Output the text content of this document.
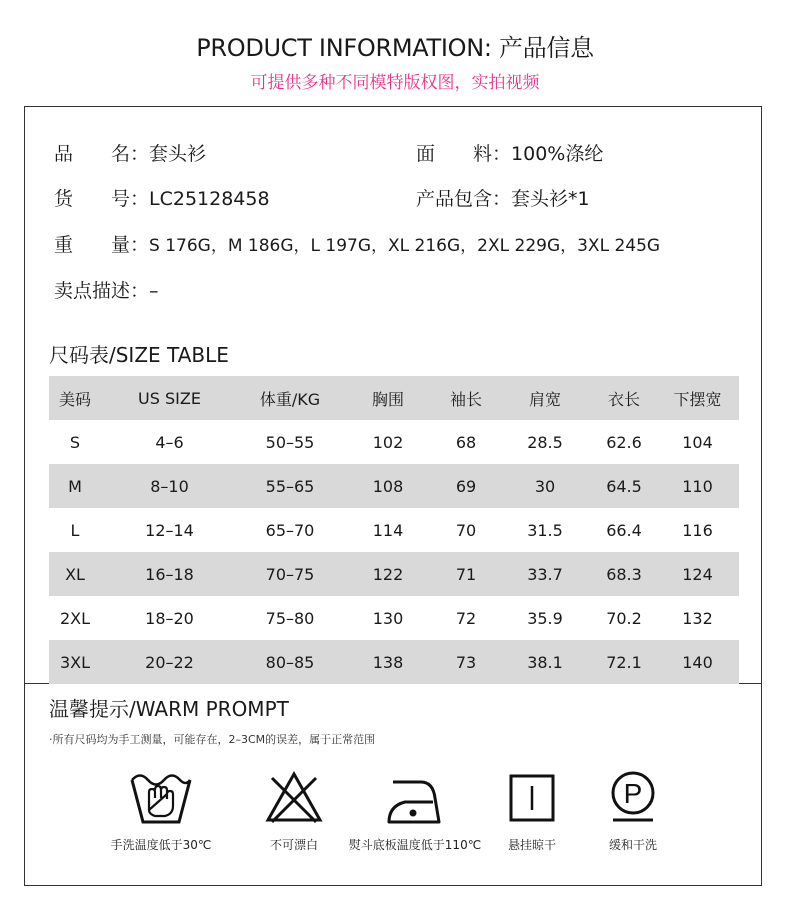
PRODUCT INFORMATION: 产品信息
可提供多种不同模特版权图，实拍视频
品　　名：套头衫	面　　料：100%涤纶
货　　号：LC25128458	产品包含：套头衫*1
重　　量：S 176G，M 186G，L 197G，XL 216G，2XL 229G，3XL 245G
卖点描述：–
尺码表/SIZE TABLE
美码	US SIZE	体重/KG	胸围	袖长	肩宽	衣长	下摆宽
S	4–6	50–55	102	68	28.5	62.6	104
M	8–10	55–65	108	69	30	64.5	110
L	12–14	65–70	114	70	31.5	66.4	116
XL	16–18	70–75	122	71	33.7	68.3	124
2XL	18–20	75–80	130	72	35.9	70.2	132
3XL	20–22	80–85	138	73	38.1	72.1	140
温馨提示/WARM PROMPT
·所有尺码均为手工测量，可能存在，2–3CM的误差，属于正常范围
手洗温度低于30℃	不可漂白	熨斗底板温度低于110℃	悬挂晾干
P
缓和干洗
